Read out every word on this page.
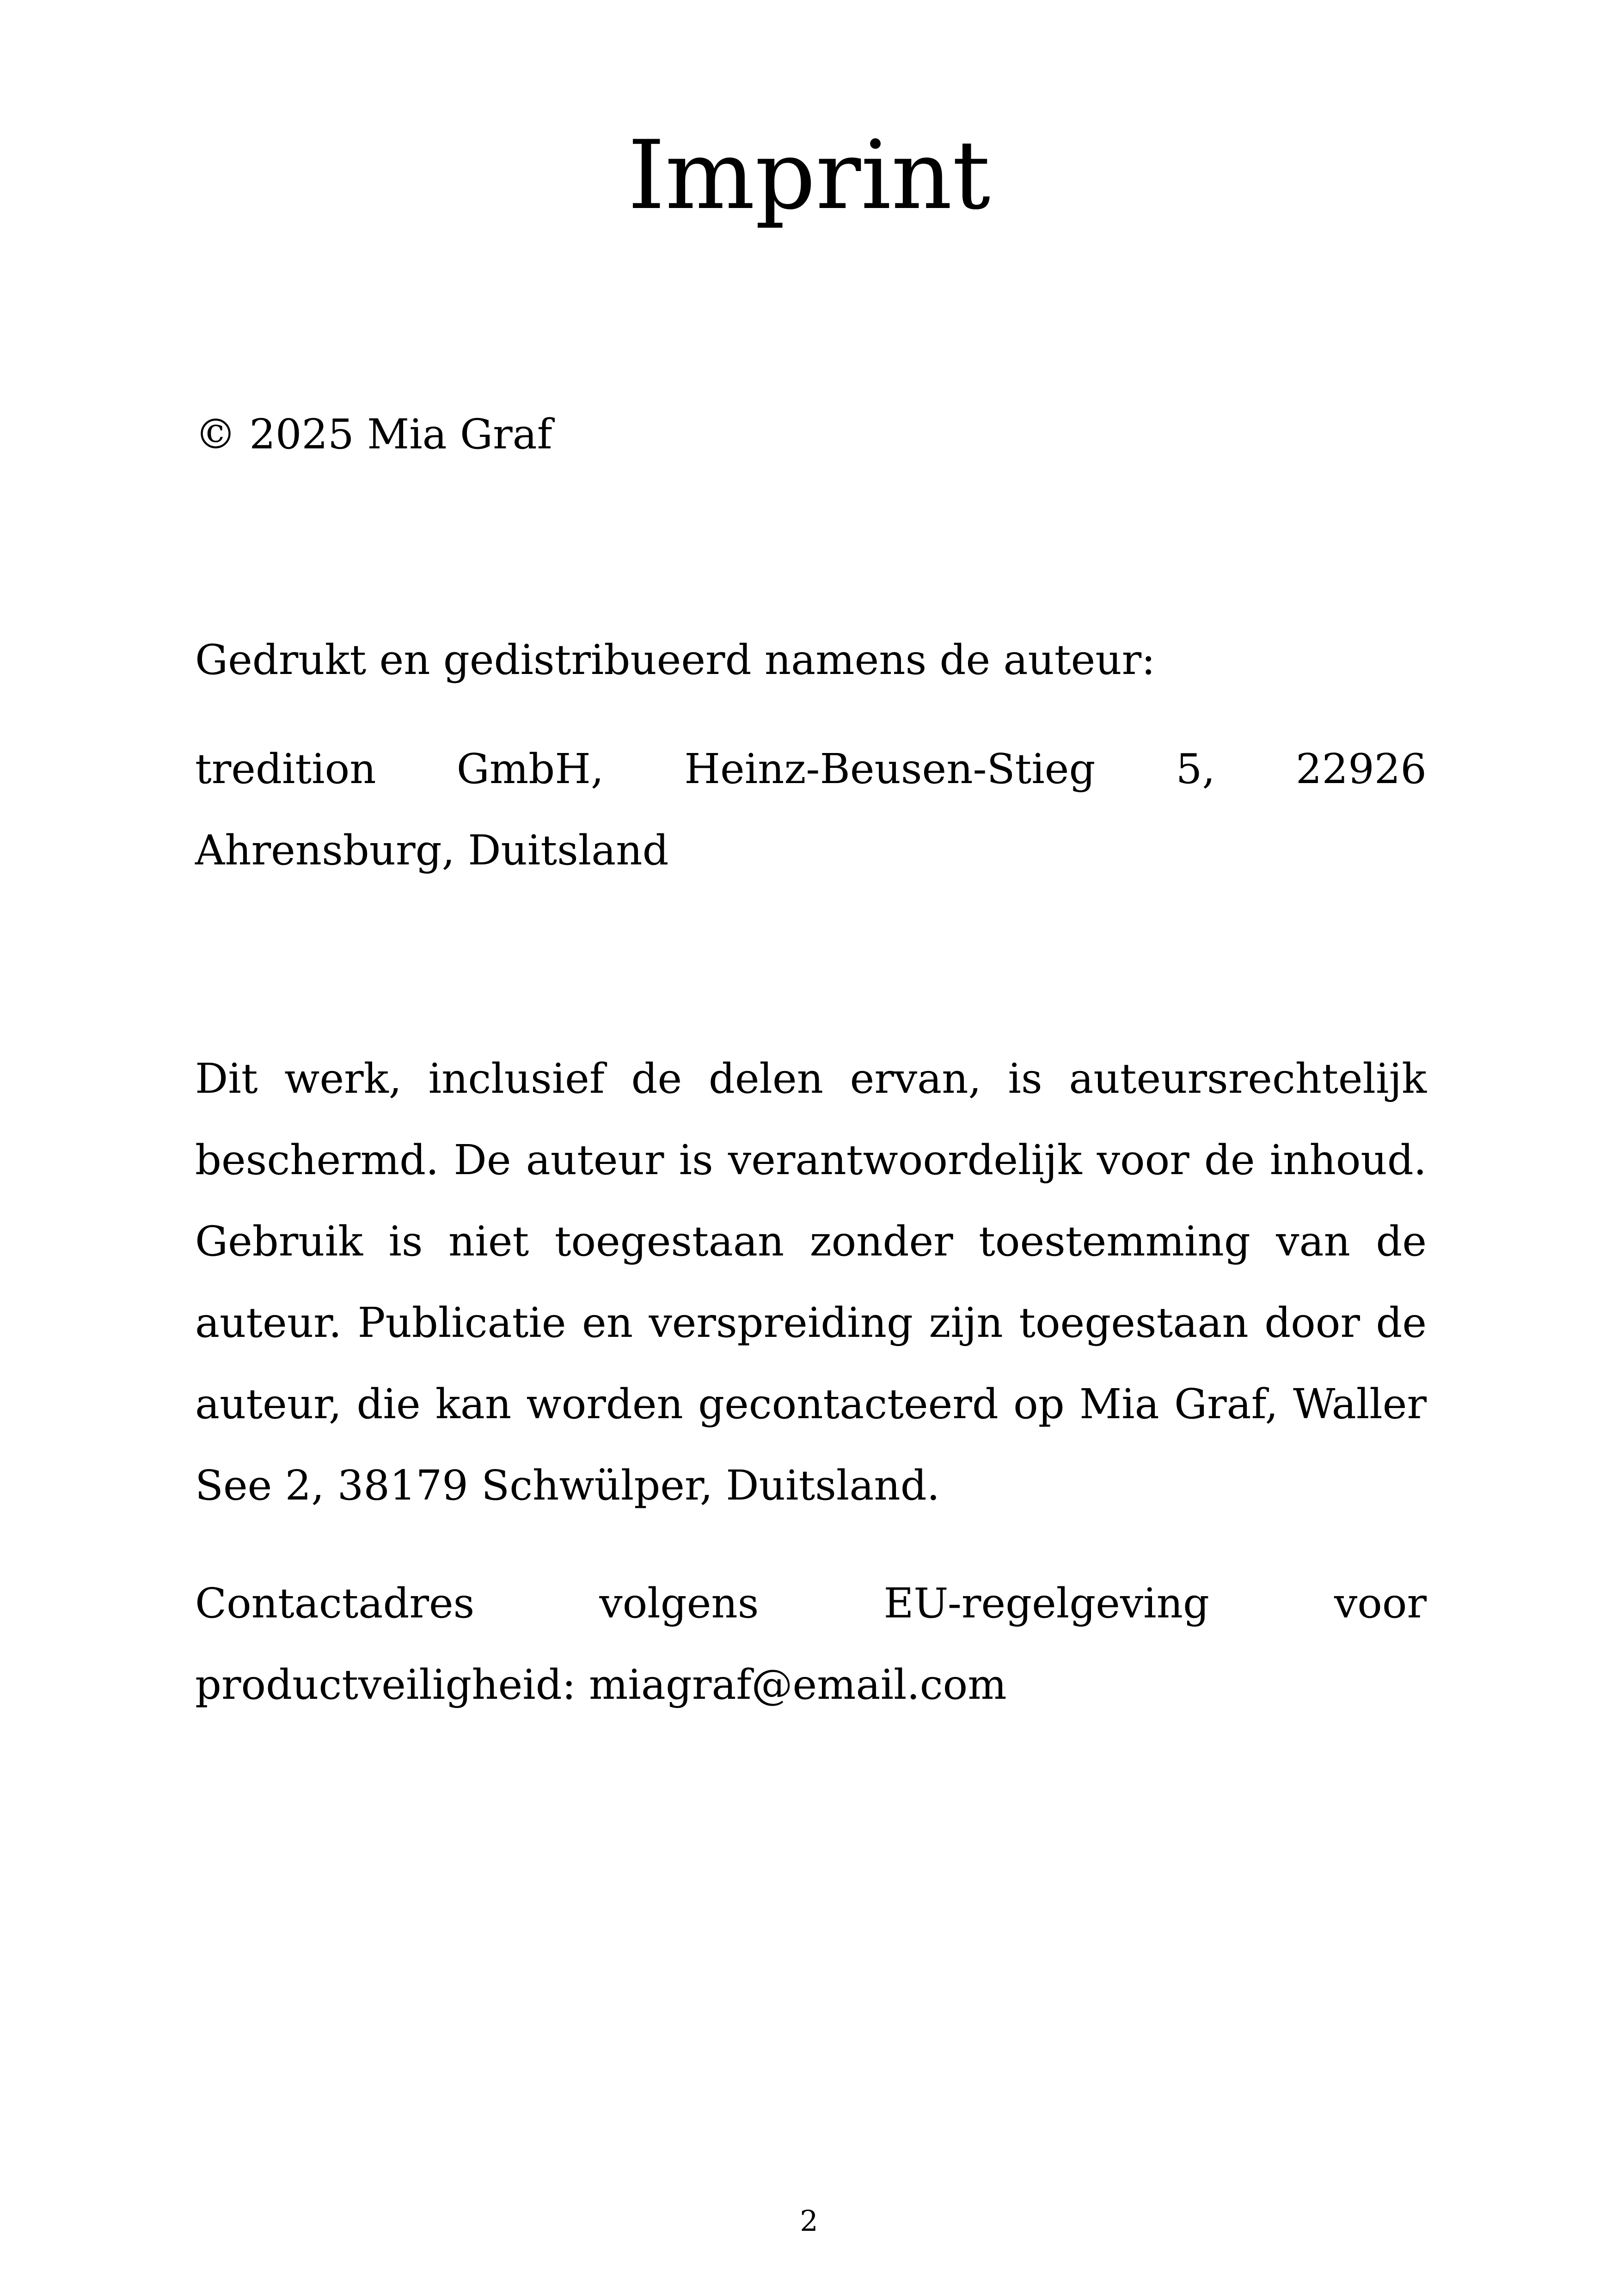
Imprint

© 2025 Mia Graf

Gedrukt en gedistribueerd namens de auteur:

tredition GmbH, Heinz-Beusen-Stieg 5, 22926 Ahrensburg, Duitsland

Dit werk, inclusief de delen ervan, is auteursrechtelijk beschermd. De auteur is verantwoordelijk voor de inhoud. Gebruik is niet toegestaan zonder toestemming van de auteur. Publicatie en verspreiding zijn toegestaan door de auteur, die kan worden gecontacteerd op Mia Graf, Waller See 2, 38179 Schwülper, Duitsland.

Contactadres volgens EU-regelgeving voor productveiligheid: miagraf@email.com

2
